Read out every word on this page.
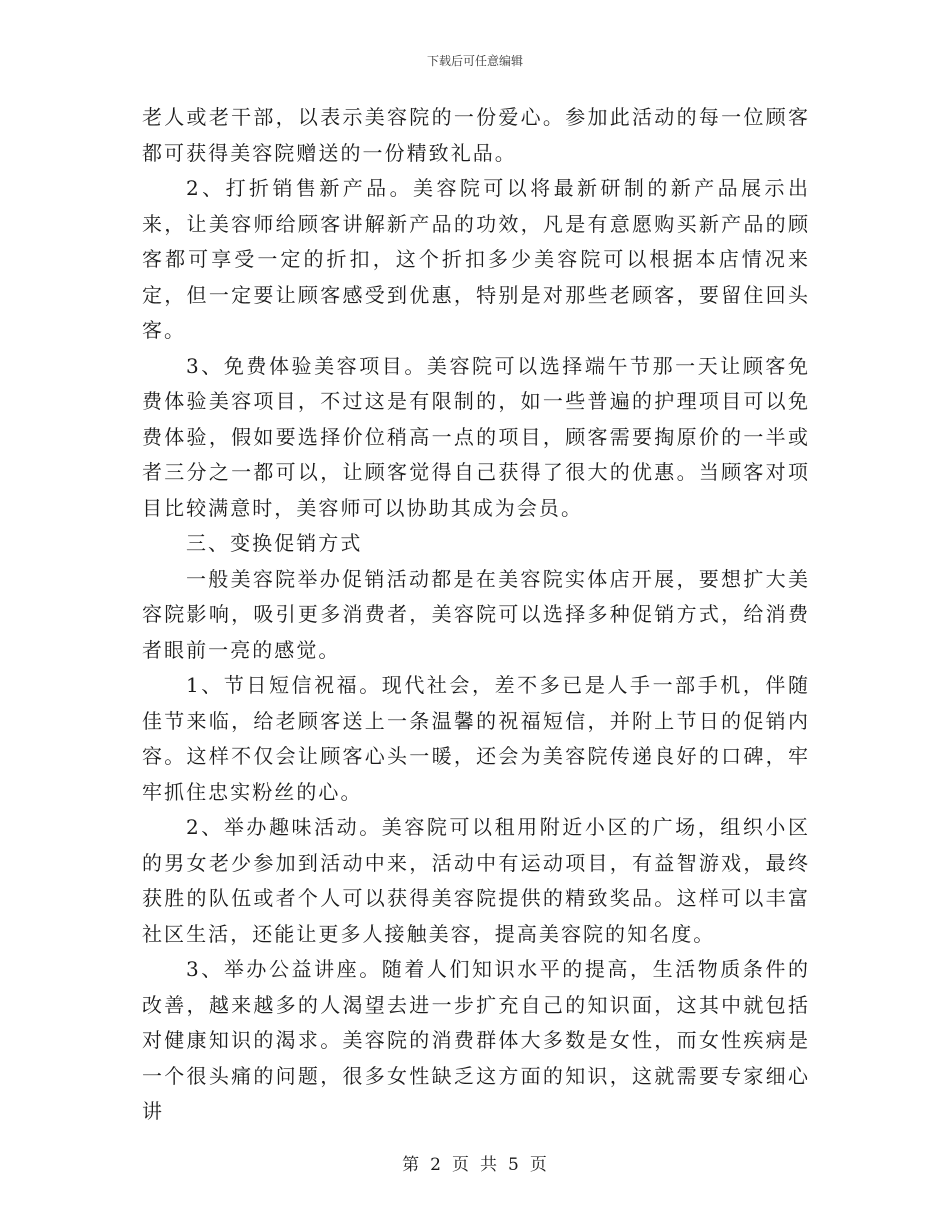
下载后可任意编辑

老人或老干部，以表示美容院的一份爱心。参加此活动的每一位顾客都可获得美容院赠送的一份精致礼品。

2、打折销售新产品。美容院可以将最新研制的新产品展示出来，让美容师给顾客讲解新产品的功效，凡是有意愿购买新产品的顾客都可享受一定的折扣，这个折扣多少美容院可以根据本店情况来定，但一定要让顾客感受到优惠，特别是对那些老顾客，要留住回头客。

3、免费体验美容项目。美容院可以选择端午节那一天让顾客免费体验美容项目，不过这是有限制的，如一些普遍的护理项目可以免费体验，假如要选择价位稍高一点的项目，顾客需要掏原价的一半或者三分之一都可以，让顾客觉得自己获得了很大的优惠。当顾客对项目比较满意时，美容师可以协助其成为会员。

三、变换促销方式

一般美容院举办促销活动都是在美容院实体店开展，要想扩大美容院影响，吸引更多消费者，美容院可以选择多种促销方式，给消费者眼前一亮的感觉。

1、节日短信祝福。现代社会，差不多已是人手一部手机，伴随佳节来临，给老顾客送上一条温馨的祝福短信，并附上节日的促销内容。这样不仅会让顾客心头一暖，还会为美容院传递良好的口碑，牢牢抓住忠实粉丝的心。

2、举办趣味活动。美容院可以租用附近小区的广场，组织小区的男女老少参加到活动中来，活动中有运动项目，有益智游戏，最终获胜的队伍或者个人可以获得美容院提供的精致奖品。这样可以丰富社区生活，还能让更多人接触美容，提高美容院的知名度。

3、举办公益讲座。随着人们知识水平的提高，生活物质条件的改善，越来越多的人渴望去进一步扩充自己的知识面，这其中就包括对健康知识的渴求。美容院的消费群体大多数是女性，而女性疾病是一个很头痛的问题，很多女性缺乏这方面的知识，这就需要专家细心讲

第 2 页 共 5 页
